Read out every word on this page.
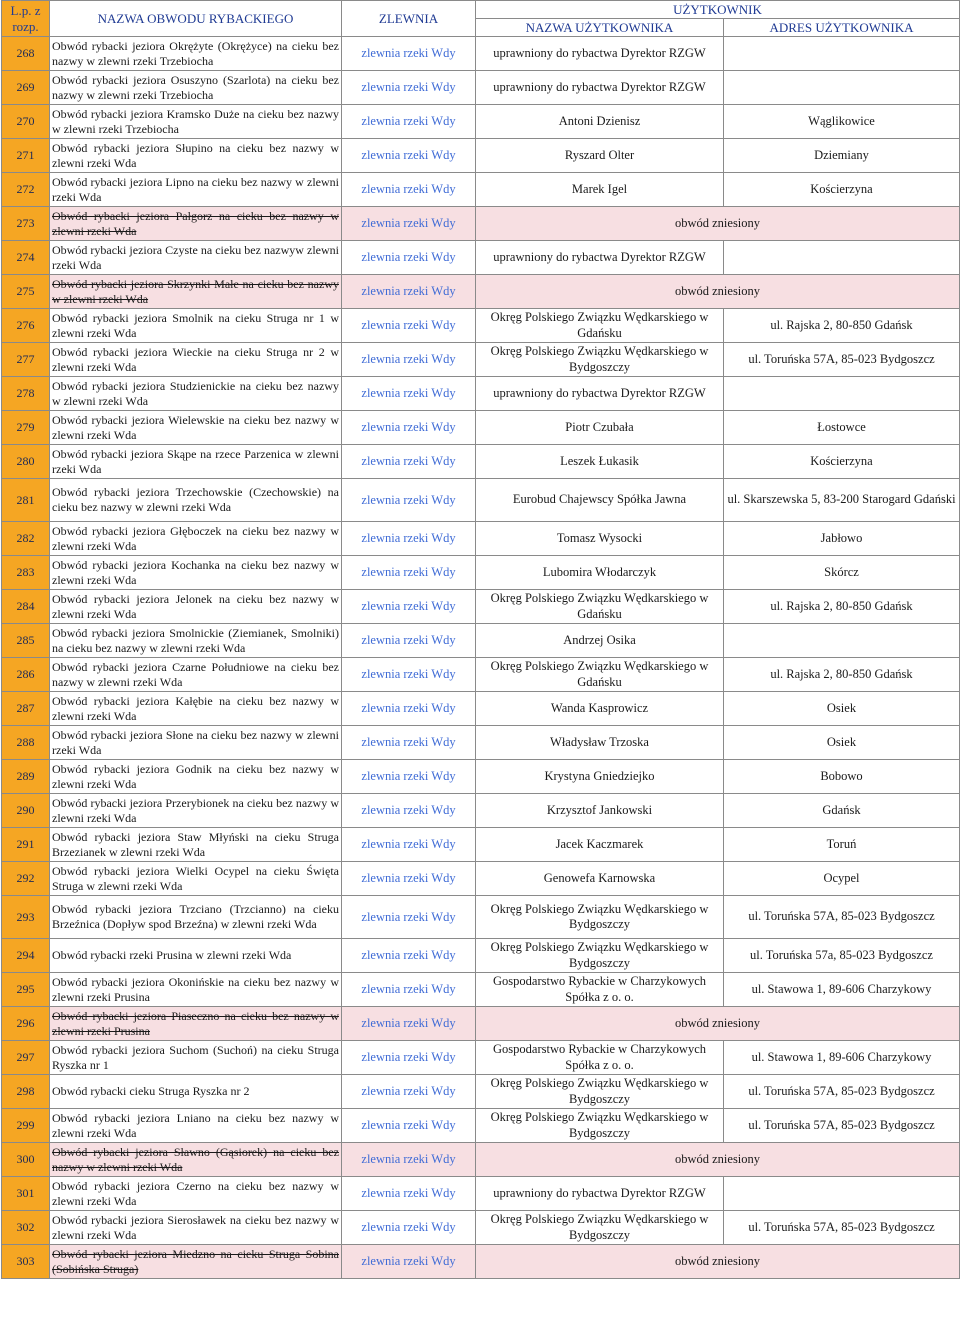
L.p. z rozp.	NAZWA OBWODU RYBACKIEGO	ZLEWNIA	UŻYTKOWNIK	
			NAZWA UŻYTKOWNIKA	ADRES UŻYTKOWNIKA
268	Obwód rybacki jeziora Okrężyte (Okrężyce) na cieku bez nazwy w zlewni rzeki Trzebiocha	zlewnia rzeki Wdy	uprawniony do rybactwa Dyrektor RZGW	
269	Obwód rybacki jeziora Osuszyno (Szarlota) na cieku bez nazwy w zlewni rzeki Trzebiocha	zlewnia rzeki Wdy	uprawniony do rybactwa Dyrektor RZGW	
270	Obwód rybacki jeziora Kramsko Duże na cieku bez nazwy w zlewni rzeki Trzebiocha	zlewnia rzeki Wdy	Antoni Dzienisz	Wąglikowice
271	Obwód rybacki jeziora Słupino na cieku bez nazwy w zlewni rzeki Wda	zlewnia rzeki Wdy	Ryszard Olter	Dziemiany
272	Obwód rybacki jeziora Lipno na cieku bez nazwy w zlewni rzeki Wda	zlewnia rzeki Wdy	Marek Igel	Kościerzyna
273	Obwód rybacki jeziora Pałgorz na cieku bez nazwy w zlewni rzeki Wda	zlewnia rzeki Wdy	obwód zniesiony	
274	Obwód rybacki jeziora Czyste na cieku bez nazwyw zlewni rzeki Wda	zlewnia rzeki Wdy	uprawniony do rybactwa Dyrektor RZGW	
275	Obwód rybacki jeziora Skrzynki Małe na cieku bez nazwy w zlewni rzeki Wda	zlewnia rzeki Wdy	obwód zniesiony	
276	Obwód rybacki jeziora Smolnik na cieku Struga nr 1 w zlewni rzeki Wda	zlewnia rzeki Wdy	Okręg Polskiego Związku Wędkarskiego w Gdańsku	ul. Rajska 2, 80-850 Gdańsk
277	Obwód rybacki jeziora Wieckie na cieku Struga nr 2 w zlewni rzeki Wda	zlewnia rzeki Wdy	Okręg Polskiego Związku Wędkarskiego w Bydgoszczy	ul. Toruńska 57A, 85-023 Bydgoszcz
278	Obwód rybacki jeziora Studzienickie na cieku bez nazwy w zlewni rzeki Wda	zlewnia rzeki Wdy	uprawniony do rybactwa Dyrektor RZGW	
279	Obwód rybacki jeziora Wielewskie na cieku bez nazwy w zlewni rzeki Wda	zlewnia rzeki Wdy	Piotr Czubała	Łostowce
280	Obwód rybacki jeziora Skąpe na rzece Parzenica w zlewni rzeki Wda	zlewnia rzeki Wdy	Leszek Łukasik	Kościerzyna
281	Obwód rybacki jeziora Trzechowskie (Czechowskie) na cieku bez nazwy w zlewni rzeki Wda	zlewnia rzeki Wdy	Eurobud Chajewscy Spółka Jawna	ul. Skarszewska 5, 83-200 Starogard Gdański
282	Obwód rybacki jeziora Głęboczek na cieku bez nazwy w zlewni rzeki Wda	zlewnia rzeki Wdy	Tomasz Wysocki	Jabłowo
283	Obwód rybacki jeziora Kochanka na cieku bez nazwy w zlewni rzeki Wda	zlewnia rzeki Wdy	Lubomira Włodarczyk	Skórcz
284	Obwód rybacki jeziora Jelonek na cieku bez nazwy w zlewni rzeki Wda	zlewnia rzeki Wdy	Okręg Polskiego Związku Wędkarskiego w Gdańsku	ul. Rajska 2, 80-850 Gdańsk
285	Obwód rybacki jeziora Smolnickie (Ziemianek, Smolniki) na cieku bez nazwy w zlewni rzeki Wda	zlewnia rzeki Wdy	Andrzej Osika	
286	Obwód rybacki jeziora Czarne Południowe na cieku bez nazwy w zlewni rzeki Wda	zlewnia rzeki Wdy	Okręg Polskiego Związku Wędkarskiego w Gdańsku	ul. Rajska 2, 80-850 Gdańsk
287	Obwód rybacki jeziora Kałębie na cieku bez nazwy w zlewni rzeki Wda	zlewnia rzeki Wdy	Wanda Kasprowicz	Osiek
288	Obwód rybacki jeziora Słone na cieku bez nazwy w zlewni rzeki Wda	zlewnia rzeki Wdy	Władysław Trzoska	Osiek
289	Obwód rybacki jeziora Godnik na cieku bez nazwy w zlewni rzeki Wda	zlewnia rzeki Wdy	Krystyna Gniedziejko	Bobowo
290	Obwód rybacki jeziora Przerybionek na cieku bez nazwy w zlewni rzeki Wda	zlewnia rzeki Wdy	Krzysztof Jankowski	Gdańsk
291	Obwód rybacki jeziora Staw Młyński na cieku Struga Brzezianek w zlewni rzeki Wda	zlewnia rzeki Wdy	Jacek Kaczmarek	Toruń
292	Obwód rybacki jeziora Wielki Ocypel na cieku Święta Struga w zlewni rzeki Wda	zlewnia rzeki Wdy	Genowefa Karnowska	Ocypel
293	Obwód rybacki jeziora Trzciano (Trzcianno) na cieku Brzeźnica (Dopływ spod Brzeźna) w zlewni rzeki Wda	zlewnia rzeki Wdy	Okręg Polskiego Związku Wędkarskiego w Bydgoszczy	ul. Toruńska 57A, 85-023 Bydgoszcz
294	Obwód rybacki rzeki Prusina w zlewni rzeki Wda	zlewnia rzeki Wdy	Okręg Polskiego Związku Wędkarskiego w Bydgoszczy	ul. Toruńska 57a, 85-023 Bydgoszcz
295	Obwód rybacki jeziora Okonińskie na cieku bez nazwy w zlewni rzeki Prusina	zlewnia rzeki Wdy	Gospodarstwo Rybackie w Charzykowych Spółka z o. o.	ul. Stawowa 1, 89-606 Charzykowy
296	Obwód rybacki jeziora Piaseczno na cieku bez nazwy w zlewni rzeki Prusina	zlewnia rzeki Wdy	obwód zniesiony	
297	Obwód rybacki jeziora Suchom (Suchoń) na cieku Struga Ryszka nr 1	zlewnia rzeki Wdy	Gospodarstwo Rybackie w Charzykowych Spółka z o. o.	ul. Stawowa 1, 89-606 Charzykowy
298	Obwód rybacki cieku Struga Ryszka nr 2	zlewnia rzeki Wdy	Okręg Polskiego Związku Wędkarskiego w Bydgoszczy	ul. Toruńska 57A, 85-023 Bydgoszcz
299	Obwód rybacki jeziora Lniano na cieku bez nazwy w zlewni rzeki Wda	zlewnia rzeki Wdy	Okręg Polskiego Związku Wędkarskiego w Bydgoszczy	ul. Toruńska 57A, 85-023 Bydgoszcz
300	Obwód rybacki jeziora Sławno (Gąsiorek) na cieku bez nazwy w zlewni rzeki Wda	zlewnia rzeki Wdy	obwód zniesiony	
301	Obwód rybacki jeziora Czerno na cieku bez nazwy w zlewni rzeki Wda	zlewnia rzeki Wdy	uprawniony do rybactwa Dyrektor RZGW	
302	Obwód rybacki jeziora Sierosławek na cieku bez nazwy w zlewni rzeki Wda	zlewnia rzeki Wdy	Okręg Polskiego Związku Wędkarskiego w Bydgoszczy	ul. Toruńska 57A, 85-023 Bydgoszcz
303	Obwód rybacki jeziora Miedzno na cieku Struga Sobina (Sobińska Struga)	zlewnia rzeki Wdy	obwód zniesiony	
